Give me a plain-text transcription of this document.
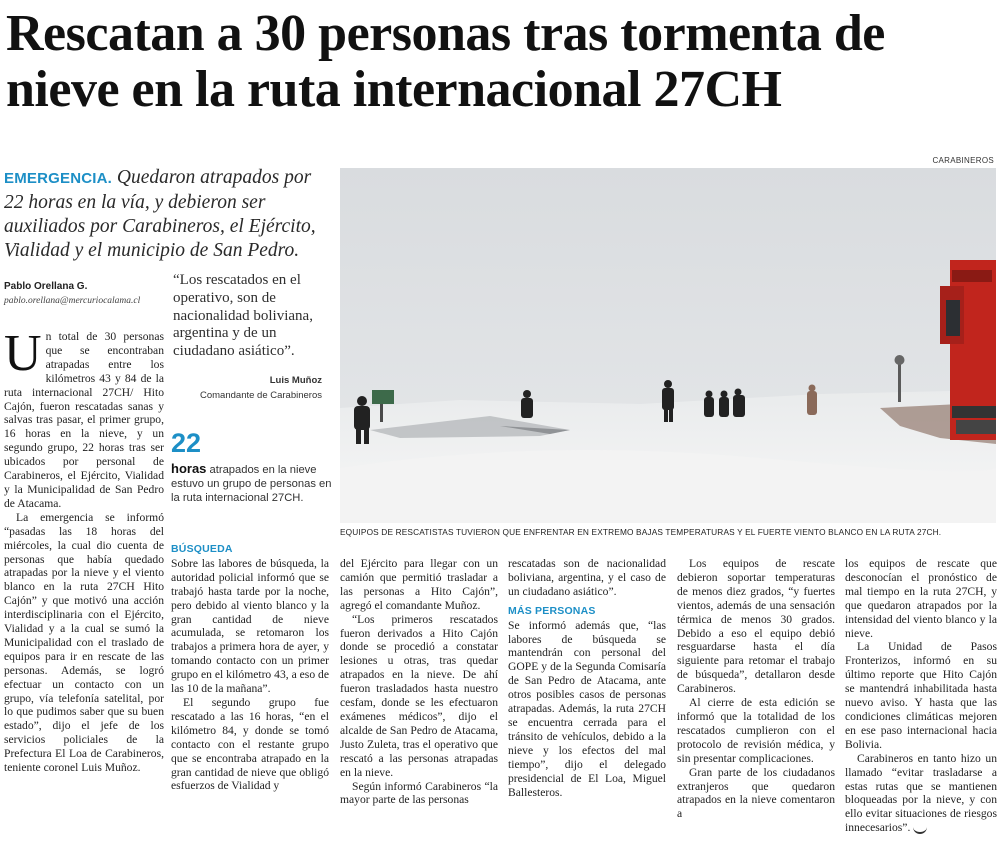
Rescatan a 30 personas tras tormenta de nieve en la ruta internacional 27CH

EMERGENCIA. Quedaron atrapados por 22 horas en la vía, y debieron ser auxiliados por Carabineros, el Ejército, Vialidad y el municipio de San Pedro.

CARABINEROS
EQUIPOS DE RESCATISTAS TUVIERON QUE ENFRENTAR EN EXTREMO BAJAS TEMPERATURAS Y EL FUERTE VIENTO BLANCO EN LA RUTA 27CH.
Pablo Orellana G.
pablo.orellana@mercuriocalama.cl

“Los rescatados en el operativo, son de nacionalidad boliviana, argentina y de un ciudadano asiático”.

Luis Muñoz
Comandante de Carabineros
22

horas atrapados en la nieve estuvo un grupo de personas en la ruta internacional 27CH.

Un total de 30 personas que se encontraban atrapadas entre los kilómetros 43 y 84 de la ruta internacional 27CH/ Hito Cajón, fueron rescatadas sanas y salvas tras pasar, el primer grupo, 16 horas en la nieve, y un segundo grupo, 22 horas tras ser ubicados por personal de Carabineros, el Ejército, Vialidad y la Municipalidad de San Pedro de Atacama.

La emergencia se informó “pasadas las 18 horas del miércoles, la cual dio cuenta de personas que había quedado atrapadas por la nieve y el viento blanco en la ruta 27CH Hito Cajón” y que motivó una acción interdisciplinaria con el Ejército, Vialidad y a la cual se sumó la Municipalidad con el traslado de equipos para ir en rescate de las personas. Además, se logró efectuar un contacto con un grupo, vía telefonía satelital, por lo que pudimos saber que su buen estado”, dijo el jefe de los servicios policiales de la Prefectura El Loa de Carabineros, teniente coronel Luis Muñoz.

BÚSQUEDA

Sobre las labores de búsqueda, la autoridad policial informó que se trabajó hasta tarde por la noche, pero debido al viento blanco y la gran cantidad de nieve acumulada, se retomaron los trabajos a primera hora de ayer, y tomando contacto con un primer grupo en el kilómetro 43, a eso de las 10 de la mañana”.

El segundo grupo fue rescatado a las 16 horas, “en el kilómetro 84, y donde se tomó contacto con el restante grupo que se encontraba atrapado en la gran cantidad de nieve que obligó esfuerzos de Vialidad y

del Ejército para llegar con un camión que permitió trasladar a las personas a Hito Cajón”, agregó el comandante Muñoz.

“Los primeros rescatados fueron derivados a Hito Cajón donde se procedió a constatar lesiones u otras, tras quedar atrapados en la nieve. De ahí fueron trasladados hasta nuestro cesfam, donde se les efectuaron exámenes médicos”, dijo el alcalde de San Pedro de Atacama, Justo Zuleta, tras el operativo que rescató a las personas atrapadas en la nieve.

Según informó Carabineros “la mayor parte de las personas

rescatadas son de nacionalidad boliviana, argentina, y el caso de un ciudadano asiático”.

MÁS PERSONAS

Se informó además que, “las labores de búsqueda se mantendrán con personal del GOPE y de la Segunda Comisaría de San Pedro de Atacama, ante otros posibles casos de personas atrapadas. Además, la ruta 27CH se encuentra cerrada para el tránsito de vehículos, debido a la nieve y los efectos del mal tiempo”, dijo el delegado presidencial de El Loa, Miguel Ballesteros.

Los equipos de rescate debieron soportar temperaturas de menos diez grados, “y fuertes vientos, además de una sensación térmica de menos 30 grados. Debido a eso el equipo debió resguardarse hasta el día siguiente para retomar el trabajo de búsqueda”, detallaron desde Carabineros.

Al cierre de esta edición se informó que la totalidad de los rescatados cumplieron con el protocolo de revisión médica, y sin presentar complicaciones.

Gran parte de los ciudadanos extranjeros que quedaron atrapados en la nieve comentaron a

los equipos de rescate que desconocían el pronóstico de mal tiempo en la ruta 27CH, y que quedaron atrapados por la intensidad del viento blanco y la nieve.

La Unidad de Pasos Fronterizos, informó en su último reporte que Hito Cajón se mantendrá inhabilitada hasta nuevo aviso. Y hasta que las condiciones climáticas mejoren en ese paso internacional hacia Bolivia.

Carabineros en tanto hizo un llamado “evitar trasladarse a estas rutas que se mantienen bloqueadas por la nieve, y con ello evitar situaciones de riesgos innecesarios”.
